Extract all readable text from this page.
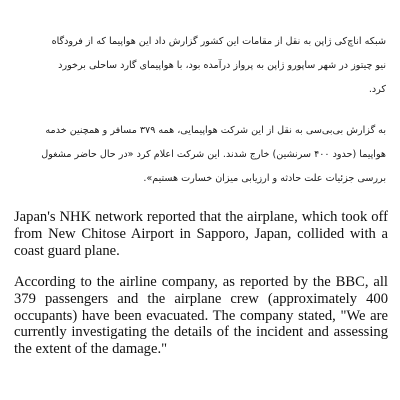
شبکه اناچ‌کی ژاپن به نقل از مقامات این کشور گزارش داد این هواپیما که از فرودگاه
نیو چیتوز در شهر ساپورو ژاپن به پرواز درآمده بود، با هواپیمای گارد ساحلی برخورد
کرد.
به گزارش بی‌بی‌سی به نقل از این شرکت هواپیمایی، همه ۳۷۹ مسافر و همچنین خدمه
هواپیما (حدود ۴۰۰ سرنشین) خارج شدند. این شرکت اعلام کرد «در حال حاضر مشغول
بررسی جزئیات علت حادثه و ارزیابی میزان خسارت هستیم».
Japan's NHK network reported that the airplane, which took off
from New Chitose Airport in Sapporo, Japan, collided with a
coast guard plane.
According to the airline company, as reported by the BBC, all
379 passengers and the airplane crew (approximately 400
occupants) have been evacuated. The company stated, "We are
currently investigating the details of the incident and assessing
the extent of the damage."
